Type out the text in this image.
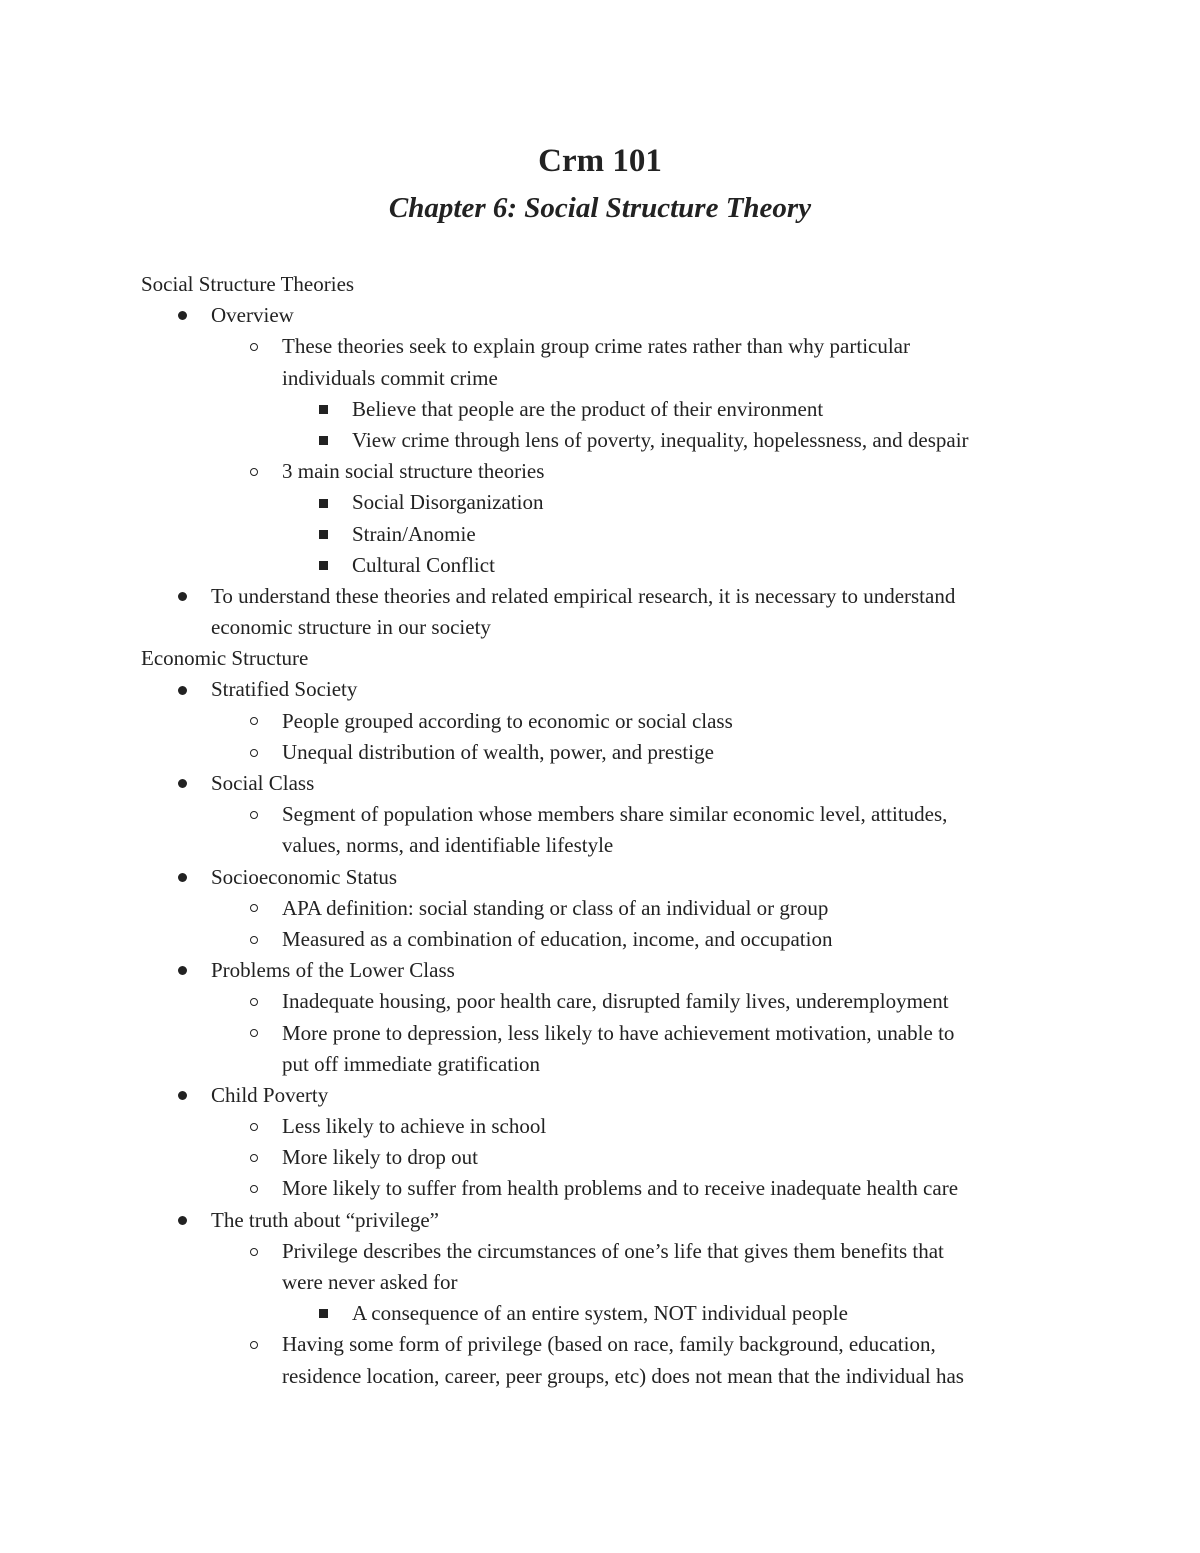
Crm 101
Chapter 6: Social Structure Theory
Social Structure Theories
Overview
These theories seek to explain group crime rates rather than why particular
individuals commit crime
Believe that people are the product of their environment
View crime through lens of poverty, inequality, hopelessness, and despair
3 main social structure theories
Social Disorganization
Strain/Anomie
Cultural Conflict
To understand these theories and related empirical research, it is necessary to understand
economic structure in our society
Economic Structure
Stratified Society
People grouped according to economic or social class
Unequal distribution of wealth, power, and prestige
Social Class
Segment of population whose members share similar economic level, attitudes,
values, norms, and identifiable lifestyle
Socioeconomic Status
APA definition: social standing or class of an individual or group
Measured as a combination of education, income, and occupation
Problems of the Lower Class
Inadequate housing, poor health care, disrupted family lives, underemployment
More prone to depression, less likely to have achievement motivation, unable to
put off immediate gratification
Child Poverty
Less likely to achieve in school
More likely to drop out
More likely to suffer from health problems and to receive inadequate health care
The truth about “privilege”
Privilege describes the circumstances of one’s life that gives them benefits that
were never asked for
A consequence of an entire system, NOT individual people
Having some form of privilege (based on race, family background, education,
residence location, career, peer groups, etc) does not mean that the individual has
